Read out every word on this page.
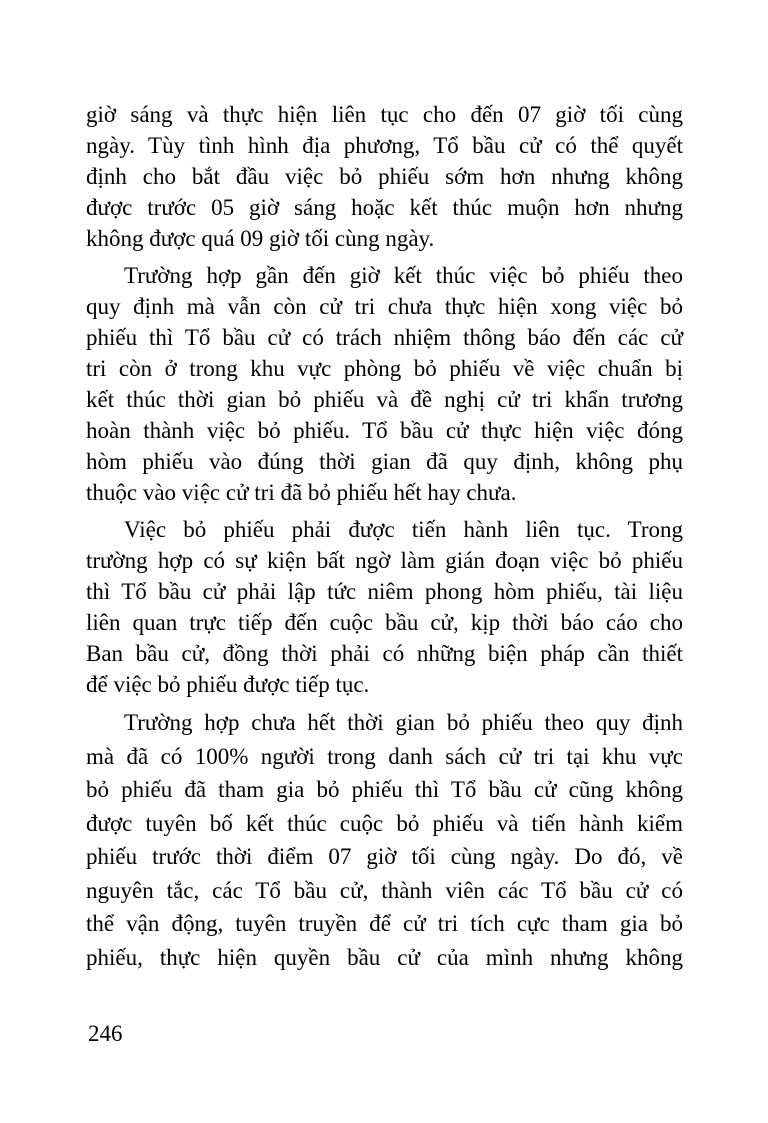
giờ sáng và thực hiện liên tục cho đến 07 giờ tối cùng
ngày. Tùy tình hình địa phương, Tổ bầu cử có thể quyết
định cho bắt đầu việc bỏ phiếu sớm hơn nhưng không
được trước 05 giờ sáng hoặc kết thúc muộn hơn nhưng
không được quá 09 giờ tối cùng ngày.
Trường hợp gần đến giờ kết thúc việc bỏ phiếu theo
quy định mà vẫn còn cử tri chưa thực hiện xong việc bỏ
phiếu thì Tổ bầu cử có trách nhiệm thông báo đến các cử
tri còn ở trong khu vực phòng bỏ phiếu về việc chuẩn bị
kết thúc thời gian bỏ phiếu và đề nghị cử tri khẩn trương
hoàn thành việc bỏ phiếu. Tổ bầu cử thực hiện việc đóng
hòm phiếu vào đúng thời gian đã quy định, không phụ
thuộc vào việc cử tri đã bỏ phiếu hết hay chưa.
Việc bỏ phiếu phải được tiến hành liên tục. Trong
trường hợp có sự kiện bất ngờ làm gián đoạn việc bỏ phiếu
thì Tổ bầu cử phải lập tức niêm phong hòm phiếu, tài liệu
liên quan trực tiếp đến cuộc bầu cử, kịp thời báo cáo cho
Ban bầu cử, đồng thời phải có những biện pháp cần thiết
để việc bỏ phiếu được tiếp tục.
Trường hợp chưa hết thời gian bỏ phiếu theo quy định
mà đã có 100% người trong danh sách cử tri tại khu vực
bỏ phiếu đã tham gia bỏ phiếu thì Tổ bầu cử cũng không
được tuyên bố kết thúc cuộc bỏ phiếu và tiến hành kiểm
phiếu trước thời điểm 07 giờ tối cùng ngày. Do đó, về
nguyên tắc, các Tổ bầu cử, thành viên các Tổ bầu cử có
thể vận động, tuyên truyền để cử tri tích cực tham gia bỏ
phiếu, thực hiện quyền bầu cử của mình nhưng không
246
